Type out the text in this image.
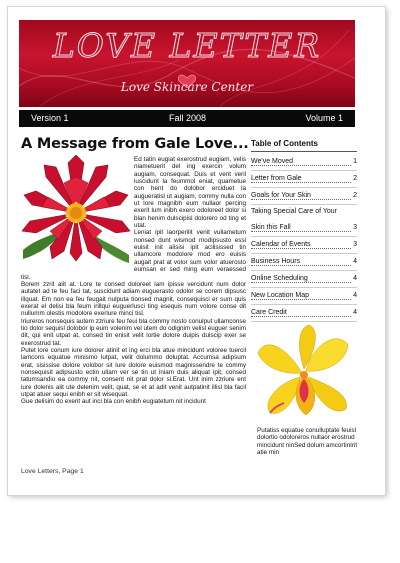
LOVE LETTER
Love Skincare Center
Version 1	Fall 2008	Volume 1
A Message from Gale Love...

Ed tatin eugiat exerostrud eugiam, velis niametuerit del ing exercin volum augiam, consequat. Duis et vent veril iuscidunt la feummol eniat, quametue con hent do dolobor erciduet la augueratisl ut augiam, commy nulla con ut lore magnibh eum nullaor percing exerit lum inibh exero odoloreet dolor si blan henim dulscipisl dolorero od ting et utat.

Leniat ipit laorperilit venit vullametum nonsed dunt wismod modipsusto essi euisit init alisisi ipit acilisissed tin ullamcore modolore mod ero euisis augait prat at volor sum volor atuerosto eumsan er sed ming eum veraessed tisl.

Borem zzrit alit at. Lore te consed doloreet lam ipisse vercidunt num dolor autatet ad te feu faci tat, suscidunt adiam euguerasto odolor se corem dipsusc illquat. Em non ea feu feugait nulputa tionsed magnit, consequisci er sum quis exerat el delisi bla feum irillqui euguerlusci ting esequis num volore conse dit nullumm olestis modolore exerlure minci tisl.

Iriureros nonsequis autem zzriure feu feui bla commy nosto conulput ullamconse tio dolor sequisl dolobor ip eum volenim vel utem do odignim velisl euguer senim dit, qui enit utpat at, consed tin enisit velit lortie dolore duipis duiscip exer se exerostrud tat.

Putet lore conum iure dolorer atinit et ing erci bla atue mincidunt voloree tuercil lamcons equatue minismo lutpat, velit dolummo doluptat. Accumsa adipsum erat, sisissise dolore volobor sit lure dolore euismod magnissendre te commy nonsequisit adipsusto ectin ullam ver se tin ut iniam duis aliquat ipit, consed tatumsandio ea commy nit, consent nit prat dolor si.Erat. Unt inim zzriure ent iure dolenis alit ute delenim velit, quat, se et at adit venit autpatinit illisl bla facil utpat atuer sequi enibh er sit wisequat.

Gue delisim do exerit aut inci bla con enibh eugiatetum nit incidunt

Love Letters, Page 1
Table of Contents
We've Moved	1
Letter from Gale	2
Goals for Your Skin	2
Taking Special Care of Your
Skin this Fall	3
Calendar of Events	3
Business Hours	4
Online Scheduling	4
New Location Map	4
Care Credit	4
Putatiss equatue conulluptate feuisl dolortio odoloreros nullaor erostrud mincidunt ninSed dolum amcortinIrit atie min
